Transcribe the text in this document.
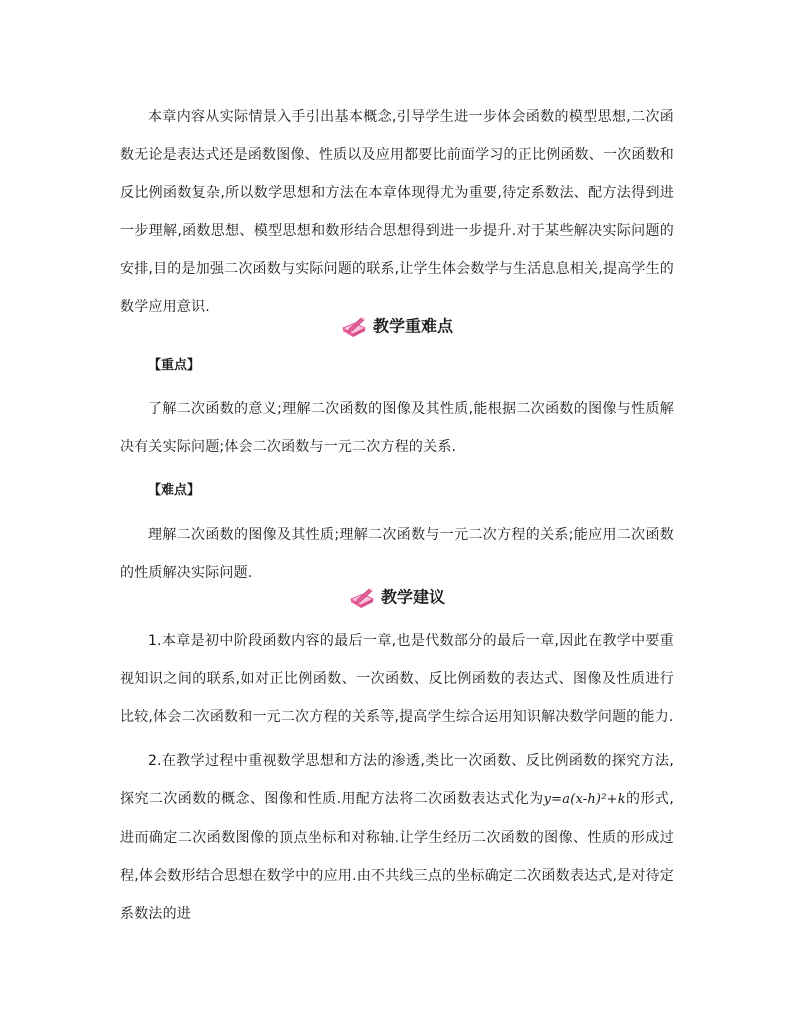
本章内容从实际情景入手引出基本概念,引导学生进一步体会函数的模型思想,二次函数无论是表达式还是函数图像、性质以及应用都要比前面学习的正比例函数、一次函数和反比例函数复杂,所以数学思想和方法在本章体现得尤为重要,待定系数法、配方法得到进一步理解,函数思想、模型思想和数形结合思想得到进一步提升.对于某些解决实际问题的安排,目的是加强二次函数与实际问题的联系,让学生体会数学与生活息息相关,提高学生的数学应用意识.

教学重难点
【重点】

了解二次函数的意义;理解二次函数的图像及其性质,能根据二次函数的图像与性质解决有关实际问题;体会二次函数与一元二次方程的关系.

【难点】

理解二次函数的图像及其性质;理解二次函数与一元二次方程的关系;能应用二次函数的性质解决实际问题.

教学建议

1.本章是初中阶段函数内容的最后一章,也是代数部分的最后一章,因此在教学中要重视知识之间的联系,如对正比例函数、一次函数、反比例函数的表达式、图像及性质进行比较,体会二次函数和一元二次方程的关系等,提高学生综合运用知识解决数学问题的能力.

2.在教学过程中重视数学思想和方法的渗透,类比一次函数、反比例函数的探究方法,探究二次函数的概念、图像和性质.用配方法将二次函数表达式化为y=a(x-h)²+k的形式,进而确定二次函数图像的顶点坐标和对称轴.让学生经历二次函数的图像、性质的形成过程,体会数形结合思想在数学中的应用.由不共线三点的坐标确定二次函数表达式,是对待定系数法的进
